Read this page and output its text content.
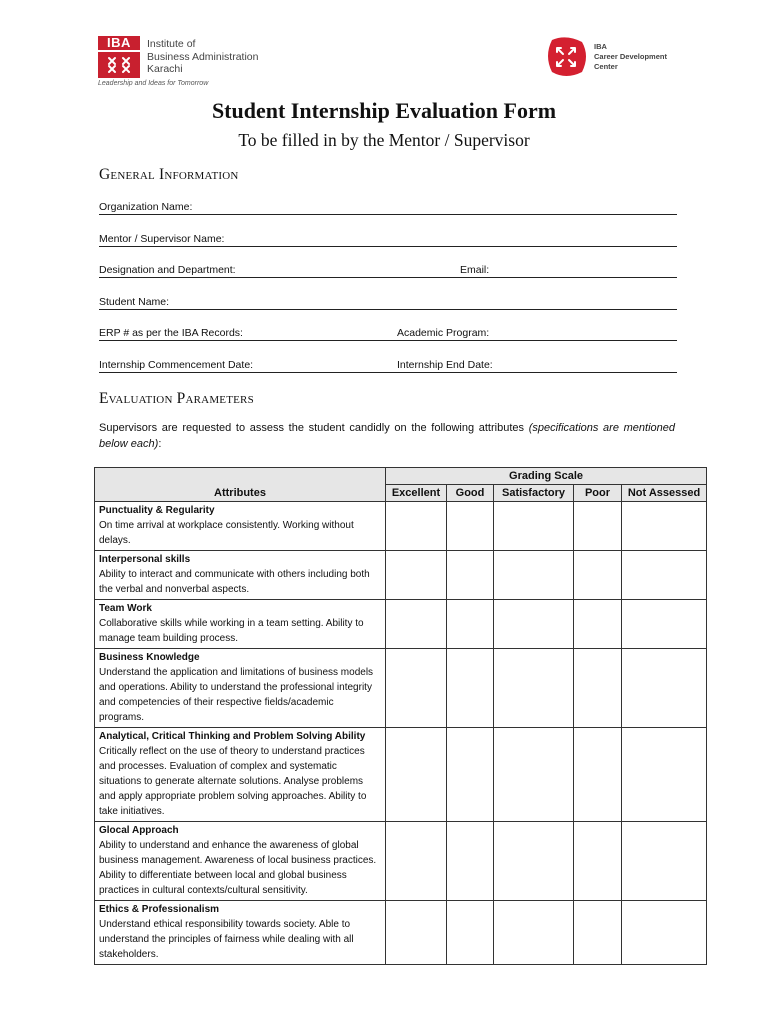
IBA	Institute of
Business Administration
Karachi
Leadership and Ideas for Tomorrow
IBA
Career Development
Center
Student Internship Evaluation Form
To be filled in by the Mentor / Supervisor
General Information
Organization Name:
Mentor / Supervisor Name:
Designation and Department:	Email:
Student Name:
ERP # as per the IBA Records:	Academic Program:
Internship Commencement Date:	Internship End Date:
Evaluation Parameters
Supervisors are requested to assess the student candidly on the following attributes (specifications are mentioned below each):
Attributes	Grading Scale				
	Excellent	Good	Satisfactory	Poor	Not Assessed

Punctuality & Regularity
On time arrival at workplace consistently. Working without delays.					

Interpersonal skills
Ability to interact and communicate with others including both the verbal and nonverbal aspects.					

Team Work
Collaborative skills while working in a team setting. Ability to manage team building process.					

Business Knowledge
Understand the application and limitations of business models and operations. Ability to understand the professional integrity and competencies of their respective fields/academic programs.					

Analytical, Critical Thinking and Problem Solving Ability
Critically reflect on the use of theory to understand practices and processes. Evaluation of complex and systematic situations to generate alternate solutions. Analyse problems and apply appropriate problem solving approaches. Ability to take initiatives.					

Glocal Approach
Ability to understand and enhance the awareness of global business management. Awareness of local business practices. Ability to differentiate between local and global business practices in cultural contexts/cultural sensitivity.					

Ethics & Professionalism
Understand ethical responsibility towards society. Able to understand the principles of fairness while dealing with all stakeholders.					
